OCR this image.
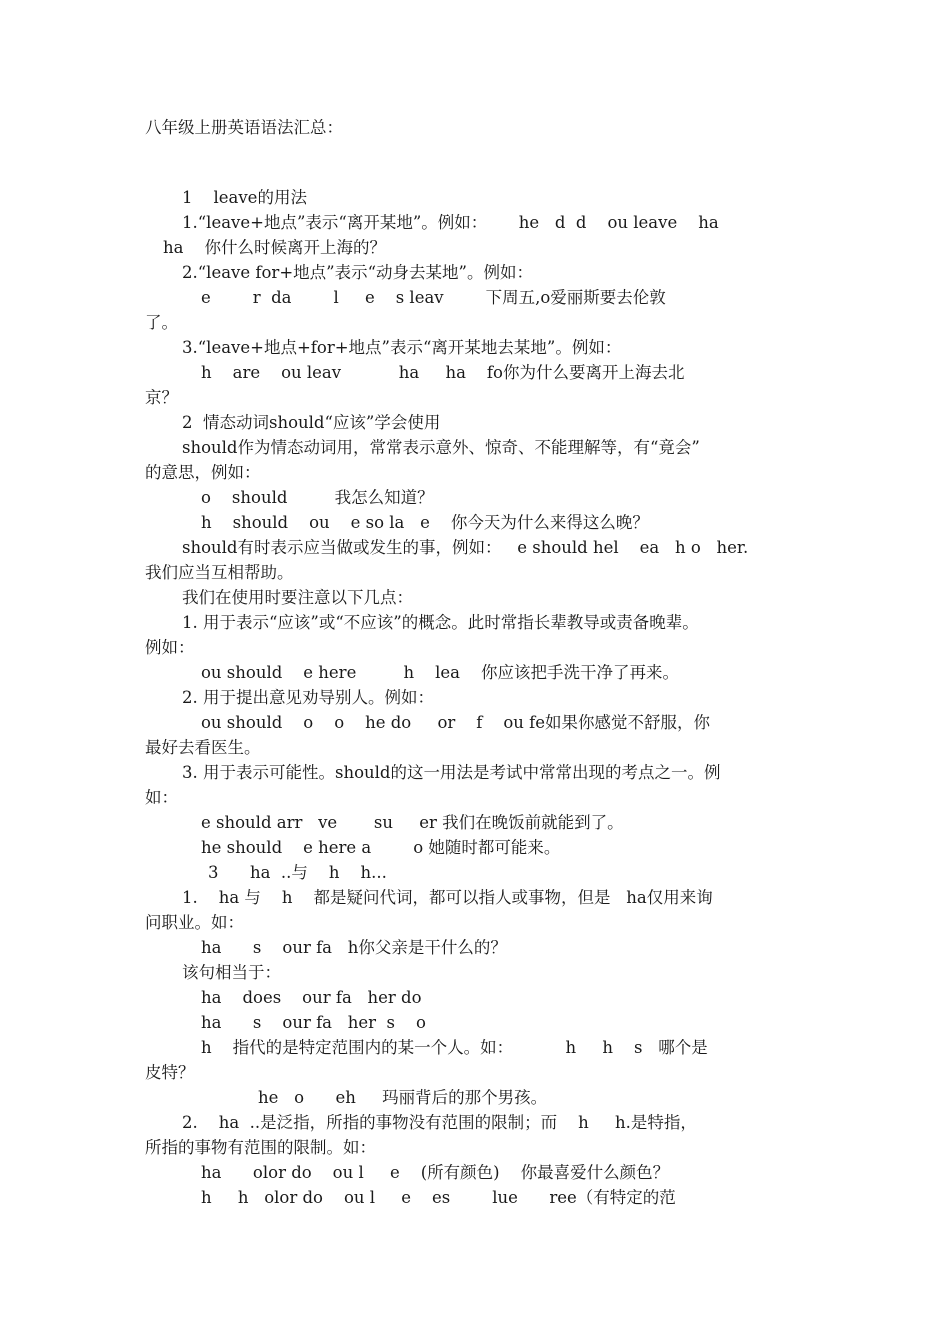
八年级上册英语语法汇总：
1    leave的用法
1.“leave+地点”表示“离开某地”。例如：      he   d  d    ou leave    ha
ha    你什么时候离开上海的？
2.“leave for+地点”表示“动身去某地”。例如：
e        r  da        l     e    s leav        下周五,o爱丽斯要去伦敦
了。
3.“leave+地点+for+地点”表示“离开某地去某地”。例如：
h    are    ou leav           ha     ha    fo你为什么要离开上海去北
京？
2  情态动词should“应该”学会使用
should作为情态动词用，常常表示意外、惊奇、不能理解等，有“竟会”
的意思，例如：
o    should         我怎么知道？
h    should    ou    e so la   e    你今天为什么来得这么晚？
should有时表示应当做或发生的事，例如：   e should hel    ea   h o   her.
我们应当互相帮助。
我们在使用时要注意以下几点：
1. 用于表示“应该”或“不应该”的概念。此时常指长辈教导或责备晚辈。
例如：
ou should    e here         h    lea    你应该把手洗干净了再来。
2. 用于提出意见劝导别人。例如：
ou should    o    o    he do     or    f    ou fe如果你感觉不舒服，你
最好去看医生。
3. 用于表示可能性。should的这一用法是考试中常常出现的考点之一。例
如：
e should arr   ve       su     er 我们在晚饭前就能到了。
he should    e here a        o 她随时都可能来。
3      ha  ..与    h    h...
1.    ha 与    h    都是疑问代词，都可以指人或事物，但是   ha仅用来询
问职业。如：
ha      s    our fa   h你父亲是干什么的？
该句相当于：
ha    does    our fa   her do
ha      s    our fa   her  s    o
h    指代的是特定范围内的某一个人。如：          h     h    s   哪个是
皮特？
he   o      eh     玛丽背后的那个男孩。
2.    ha  ..是泛指，所指的事物没有范围的限制；而    h     h.是特指，
所指的事物有范围的限制。如：
ha      olor do    ou l     e    (所有颜色)    你最喜爱什么颜色？
h     h   olor do    ou l     e    es        lue      ree（有特定的范
